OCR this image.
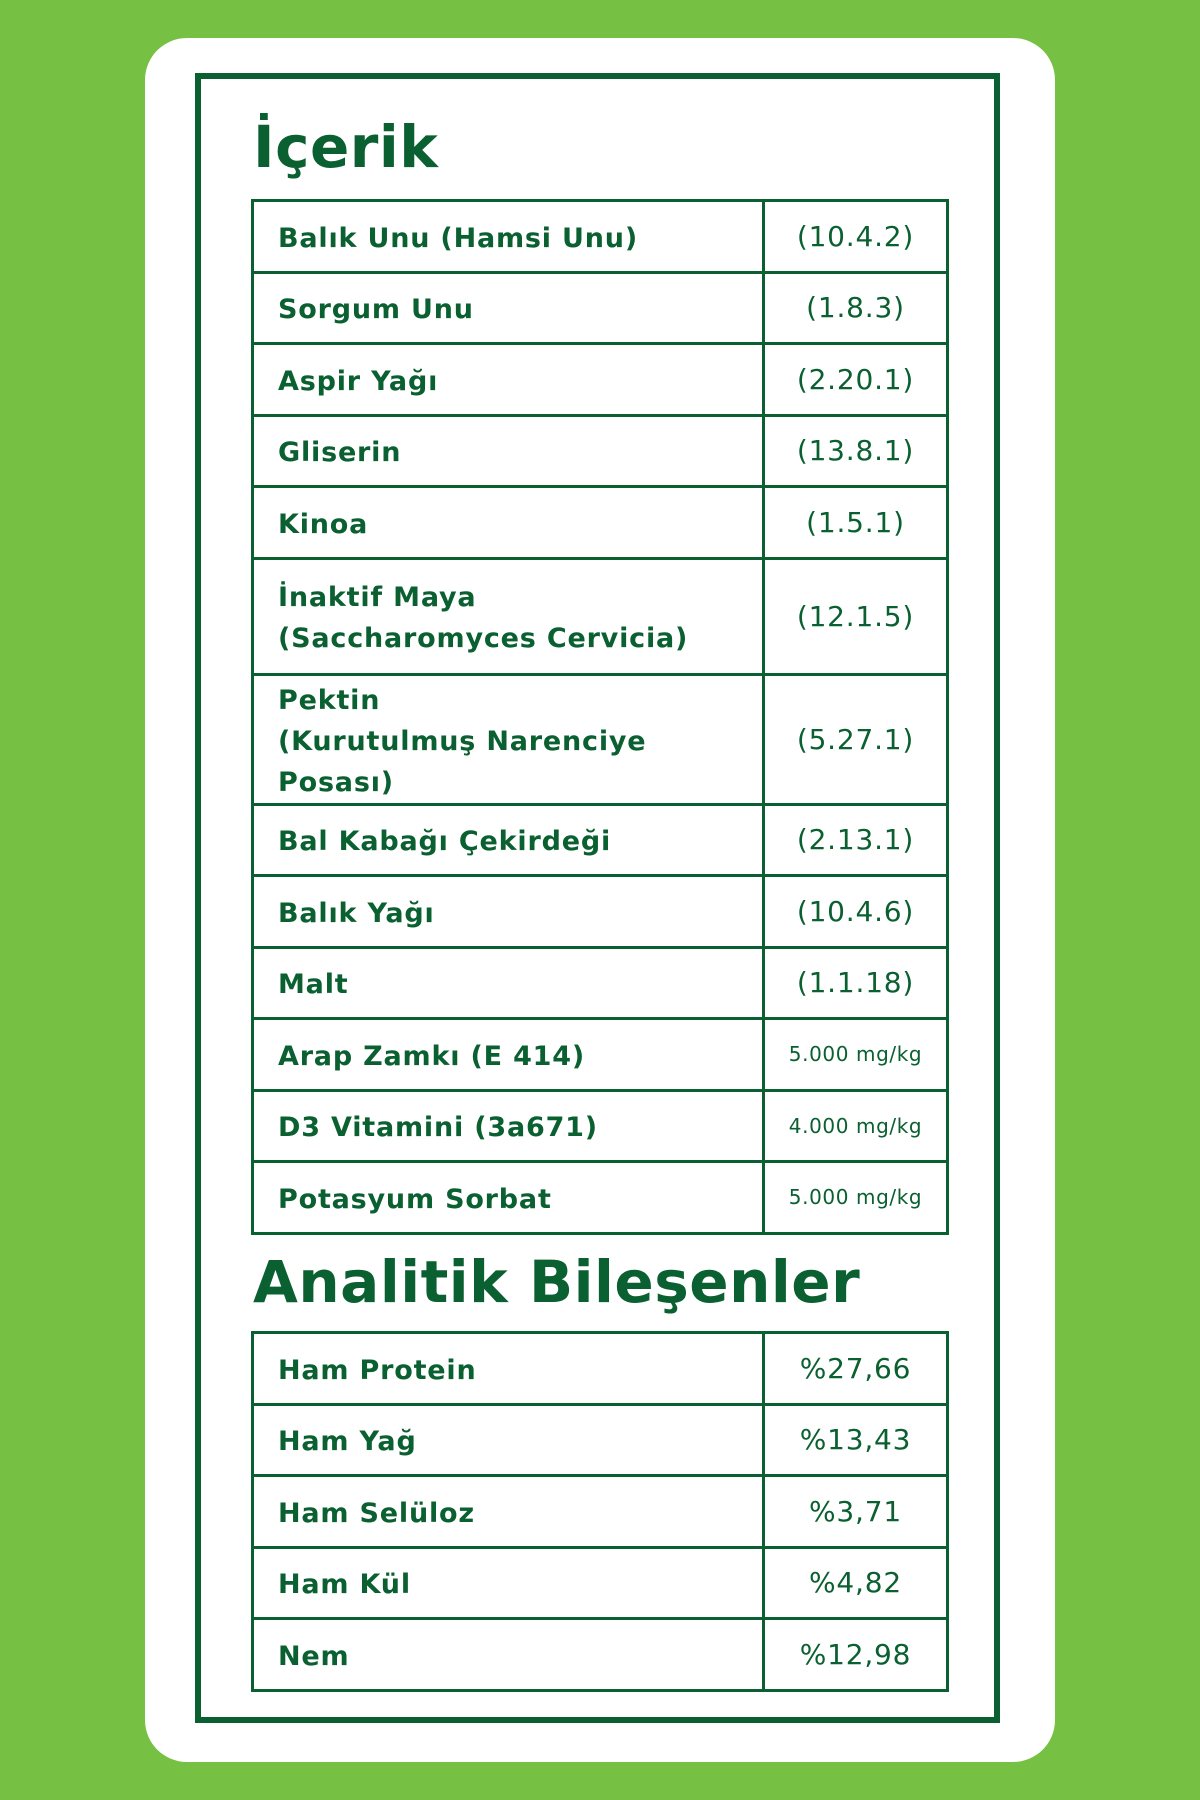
İçerik
Balık Unu (Hamsi Unu)	(10.4.2)

Sorgum Unu	(1.8.3)

Aspir Yağı	(2.20.1)

Gliserin	(13.8.1)

Kinoa	(1.5.1)

İnaktif Maya
(Saccharomyces Cervicia)	(12.1.5)

Pektin
(Kurutulmuş Narenciye Posası)	(5.27.1)

Bal Kabağı Çekirdeği	(2.13.1)

Balık Yağı	(10.4.6)

Malt	(1.1.18)

Arap Zamkı (E 414)	5.000 mg/kg

D3 Vitamini (3a671)	4.000 mg/kg

Potasyum Sorbat	5.000 mg/kg
Analitik Bileşenler
Ham Protein	%27,66
Ham Yağ	%13,43
Ham Selüloz	%3,71
Ham Kül	%4,82
Nem	%12,98
